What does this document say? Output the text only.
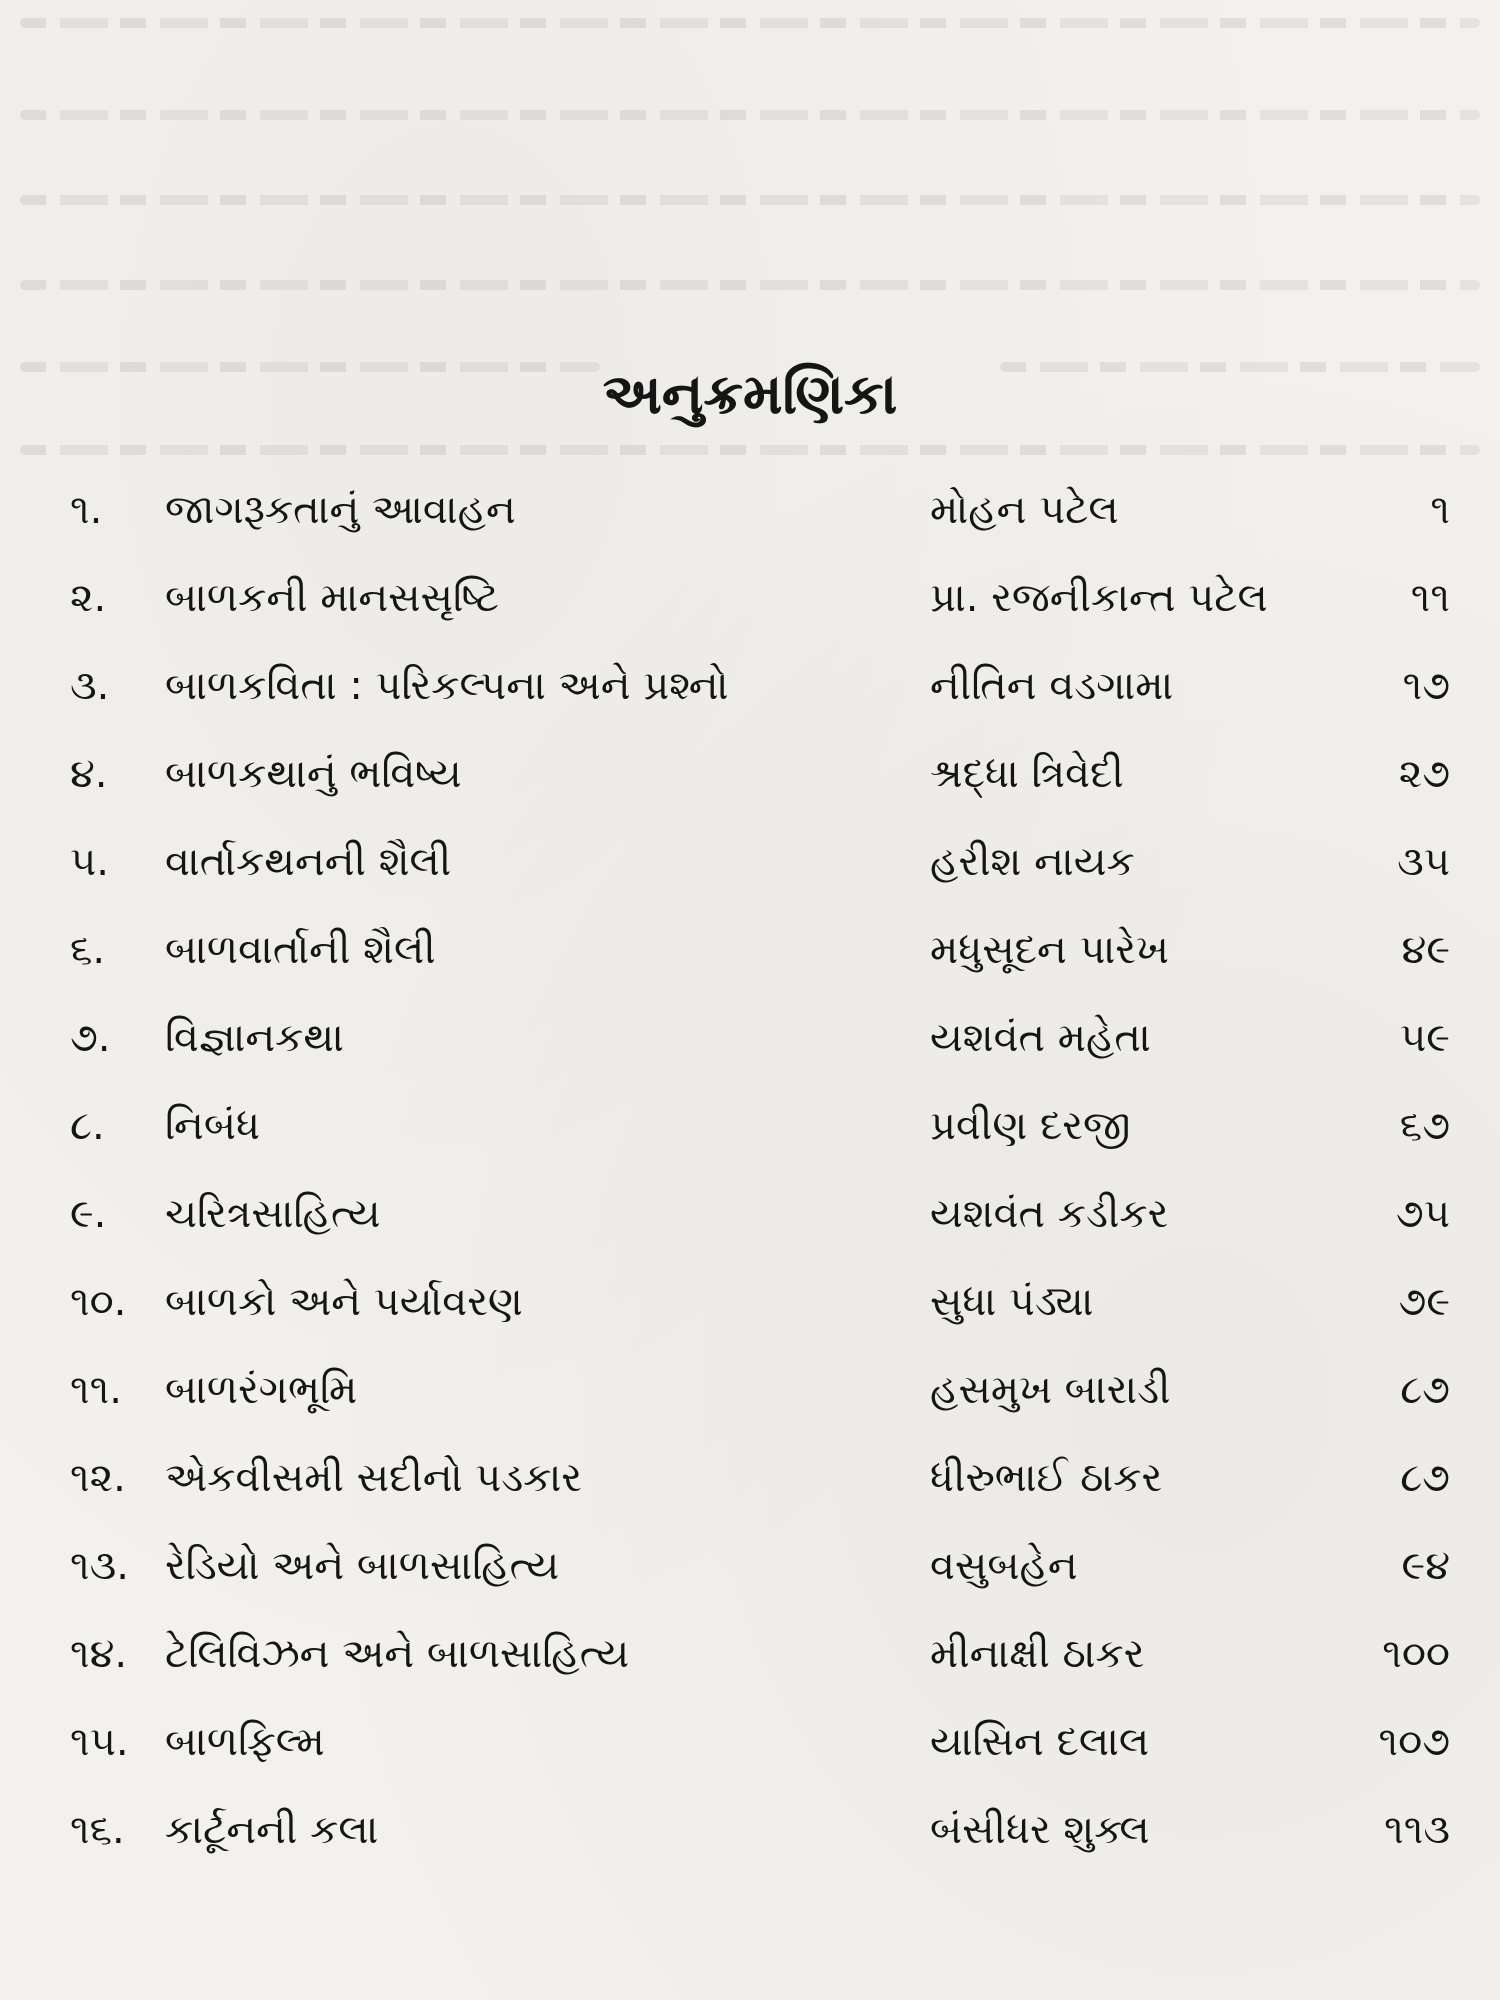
અનુક્રમણિકા
૧. જાગરૂકતાનું આવાહન	મોહન પટેલ	૧
૨. બાળકની માનસસૃષ્ટિ	પ્રા. રજનીકાન્ત પટેલ	૧૧
૩. બાળકવિતા : પરિકલ્પના અને પ્રશ્નો	નીતિન વડગામા	૧૭
૪. બાળકથાનું ભવિષ્ય	શ્રદ્ધા ત્રિવેદી	૨૭
૫. વાર્તાકથનની શૈલી	હરીશ નાયક	૩૫
૬. બાળવાર્તાની શૈલી	મધુસૂદન પારેખ	૪૯
૭. વિજ્ઞાનકથા	યશવંત મહેતા	૫૯
૮. નિબંધ	પ્રવીણ દરજી	૬૭
૯. ચરિત્રસાહિત્ય	યશવંત કડીકર	૭૫
૧૦. બાળકો અને પર્યાવરણ	સુધા પંડ્યા	૭૯
૧૧. બાળરંગભૂમિ	હસમુખ બારાડી	૮૭
૧૨. એકવીસમી સદીનો પડકાર	ધીરુભાઈ ઠાકર	૮૭
૧૩. રેડિયો અને બાળસાહિત્ય	વસુબહેન	૯૪
૧૪. ટેલિવિઝન અને બાળસાહિત્ય	મીનાક્ષી ઠાકર	૧૦૦
૧૫. બાળફિલ્મ	યાસિન દલાલ	૧૦૭
૧૬. કાર્ટૂનની કલા	બંસીધર શુક્લ	૧૧૩
